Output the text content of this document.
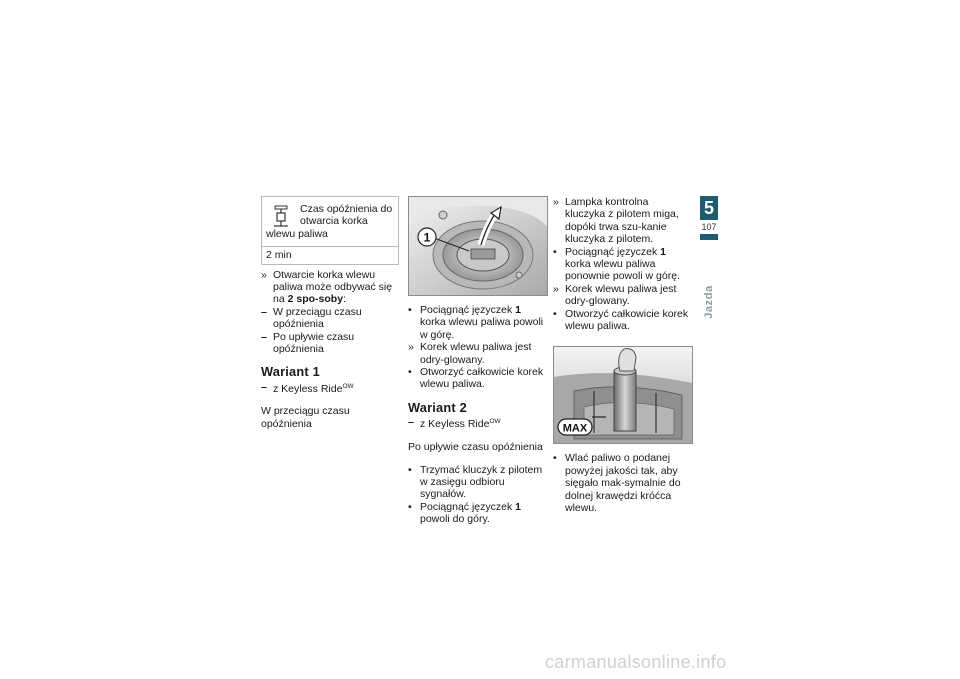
Czas opóźnienia do otwarcia korka wlewu paliwa
2 min

» Otwarcie korka wlewu paliwa może odbywać się na 2 spo-soby:

– W przeciągu czasu opóźnienia

– Po upływie czasu opóźnienia

Wariant 1

– z Keyless Ride$^{OW}$

W przeciągu czasu opóźnienia

1

• Pociągnąć języczek 1 korka wlewu paliwa powoli w górę.

» Korek wlewu paliwa jest odry-glowany.

• Otworzyć całkowicie korek wlewu paliwa.

Wariant 2

– z Keyless Ride$^{OW}$

Po upływie czasu opóźnienia

• Trzymać kluczyk z pilotem w zasięgu odbioru sygnałów.

• Pociągnąć języczek 1 powoli do góry.

» Lampka kontrolna kluczyka z pilotem miga, dopóki trwa szu-kanie kluczyka z pilotem.

• Pociągnąć języczek 1 korka wlewu paliwa ponownie powoli w górę.

» Korek wlewu paliwa jest odry-glowany.

• Otworzyć całkowicie korek wlewu paliwa.

MAX

• Wlać paliwo o podanej powyżej jakości tak, aby sięgało mak-symalnie do dolnej krawędzi króćca wlewu.

5
107
Jazda
carmanualsonline.info
